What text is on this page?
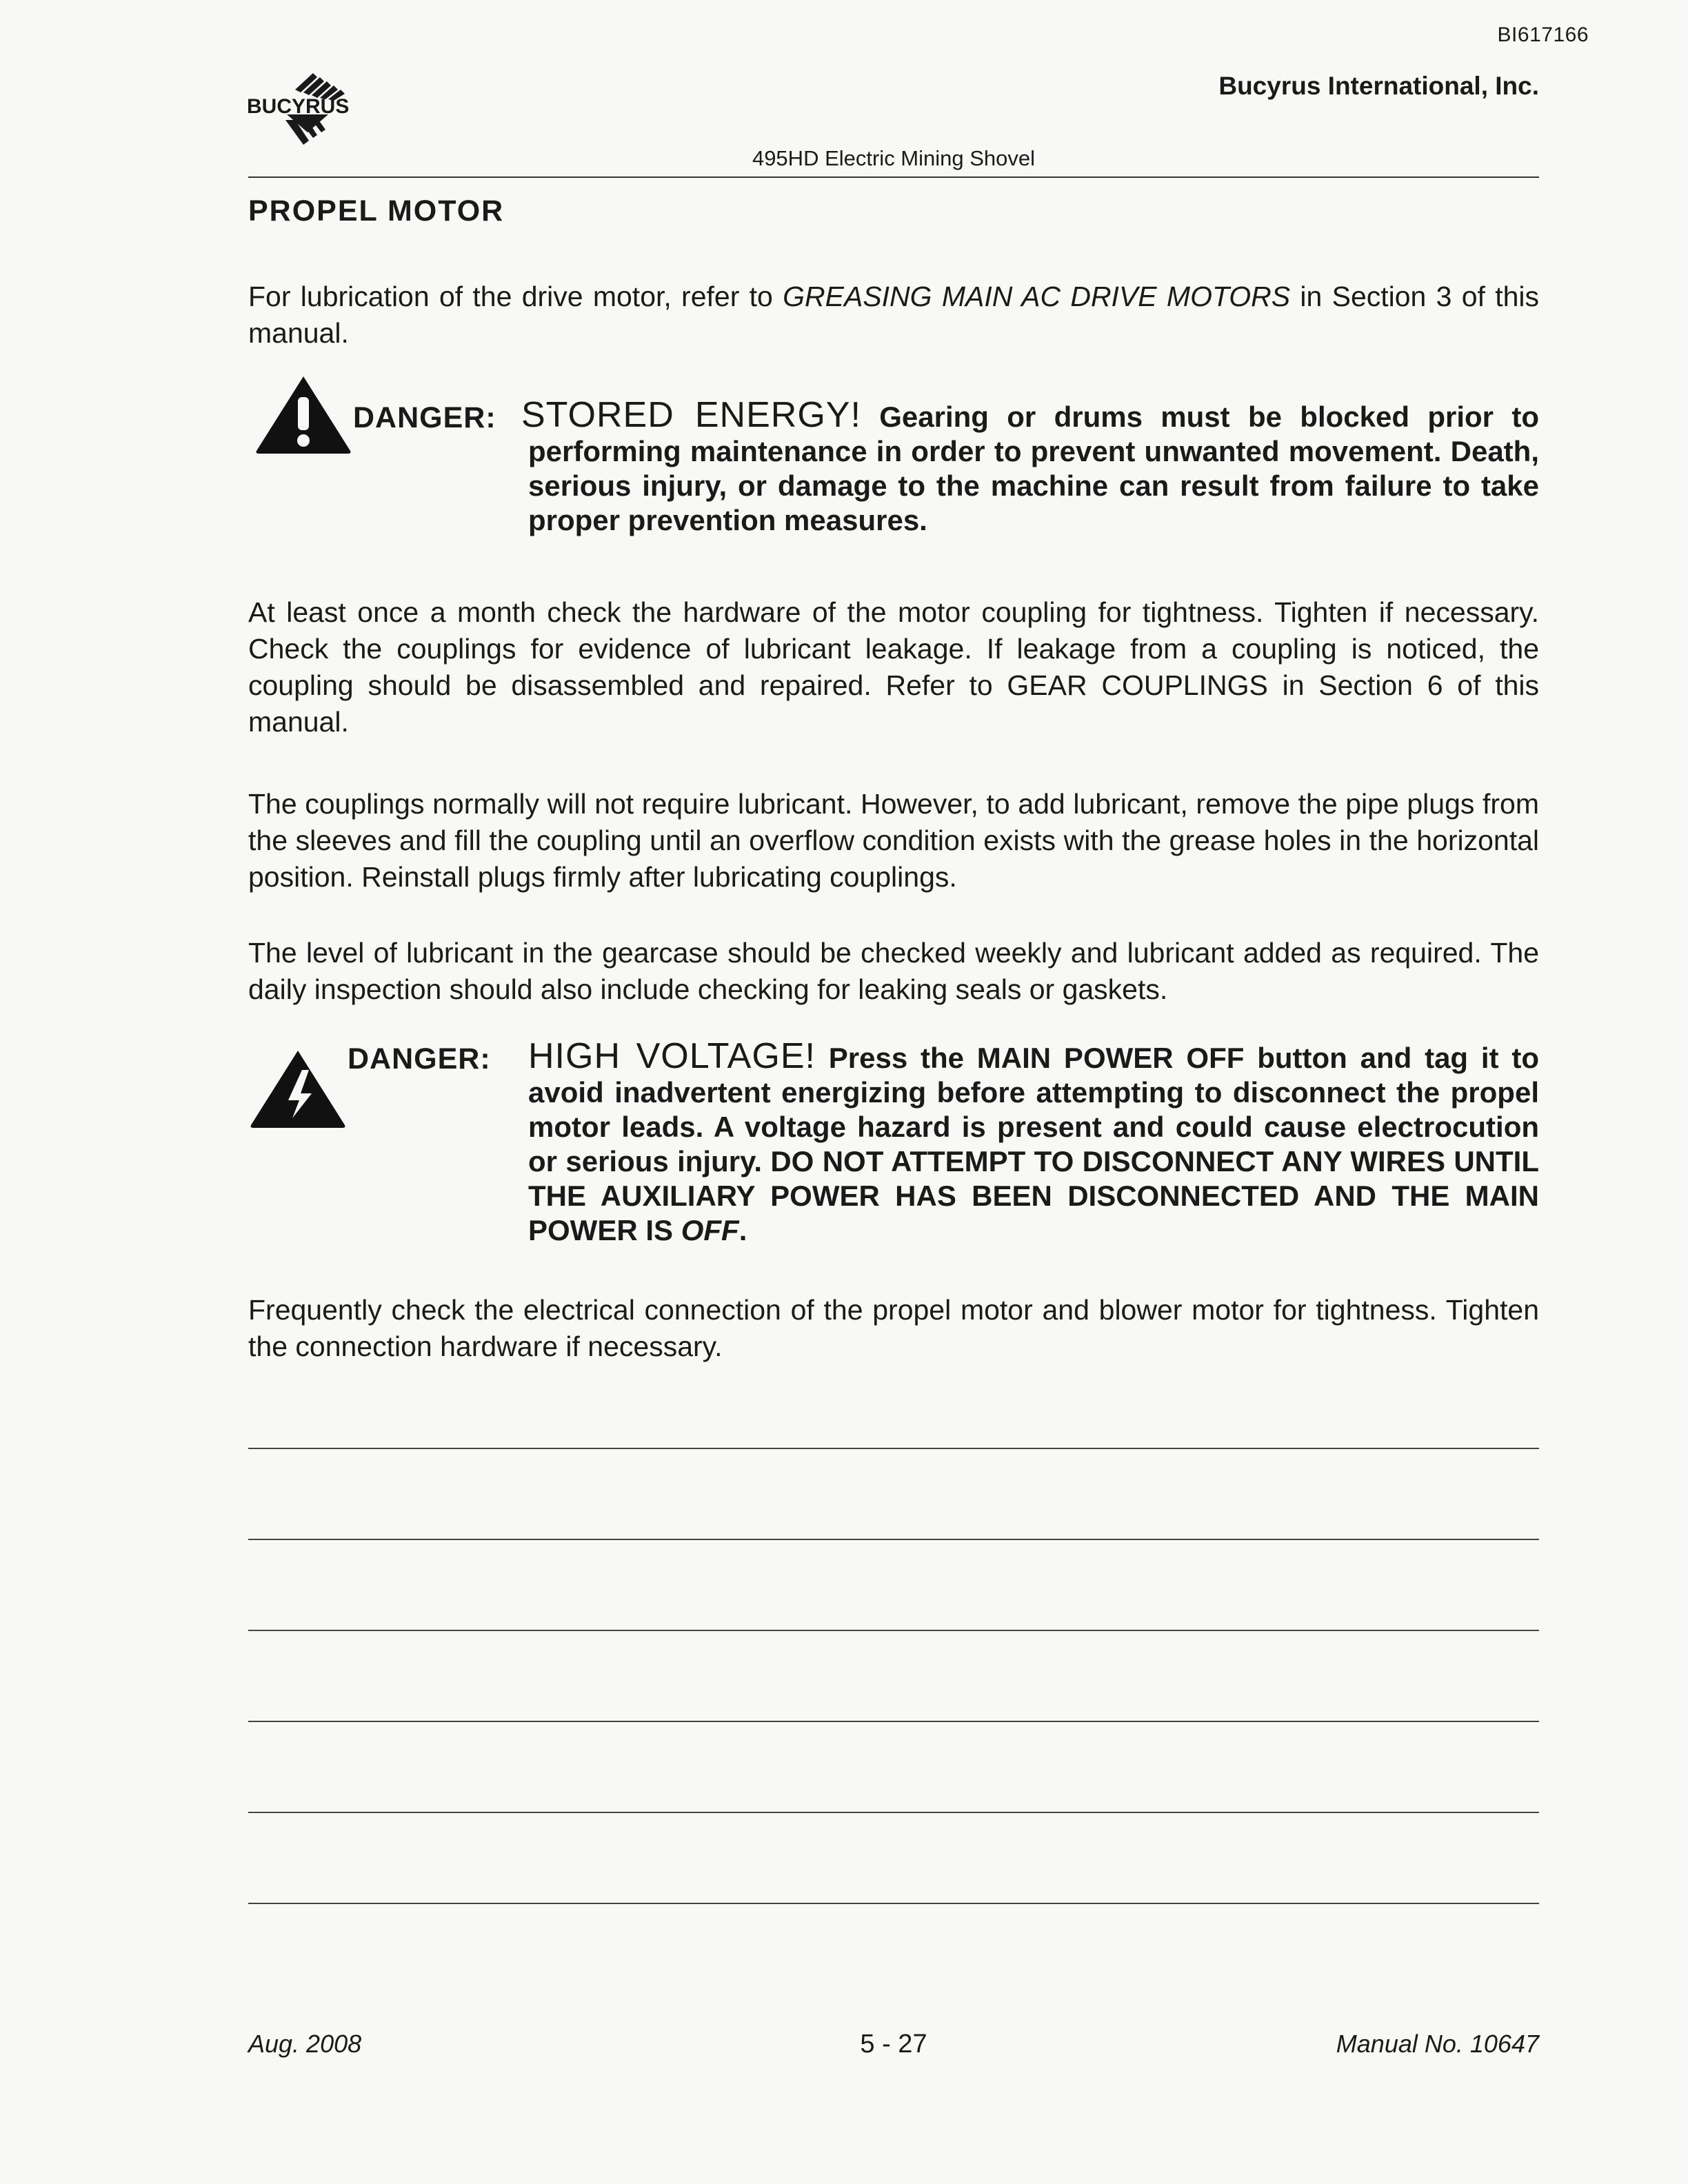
BI617166
BUCYRUS
Bucyrus International, Inc.
495HD Electric Mining Shovel
PROPEL MOTOR
For lubrication of the drive motor, refer to GREASING MAIN AC DRIVE MOTORS in Section 3 of this manual.
DANGER: STORED ENERGY! Gearing or drums must be blocked prior to performing maintenance in order to prevent unwanted movement. Death, serious injury, or damage to the machine can result from failure to take proper prevention measures.
At least once a month check the hardware of the motor coupling for tightness. Tighten if necessary. Check the couplings for evidence of lubricant leakage. If leakage from a coupling is noticed, the coupling should be disassembled and repaired. Refer to GEAR COUPLINGS in Section 6 of this manual.
The couplings normally will not require lubricant. However, to add lubricant, remove the pipe plugs from the sleeves and fill the coupling until an overflow condition exists with the grease holes in the horizontal position. Reinstall plugs firmly after lubricating couplings.
The level of lubricant in the gearcase should be checked weekly and lubricant added as required. The daily inspection should also include checking for leaking seals or gaskets.
DANGER: HIGH VOLTAGE! Press the MAIN POWER OFF button and tag it to avoid inadvertent energizing before attempting to disconnect the propel motor leads. A voltage hazard is present and could cause electrocution or serious injury. DO NOT ATTEMPT TO DISCONNECT ANY WIRES UNTIL THE AUXILIARY POWER HAS BEEN DISCONNECTED AND THE MAIN POWER IS OFF.
Frequently check the electrical connection of the propel motor and blower motor for tightness. Tighten the connection hardware if necessary.
Aug. 2008	5 - 27	Manual No. 10647
